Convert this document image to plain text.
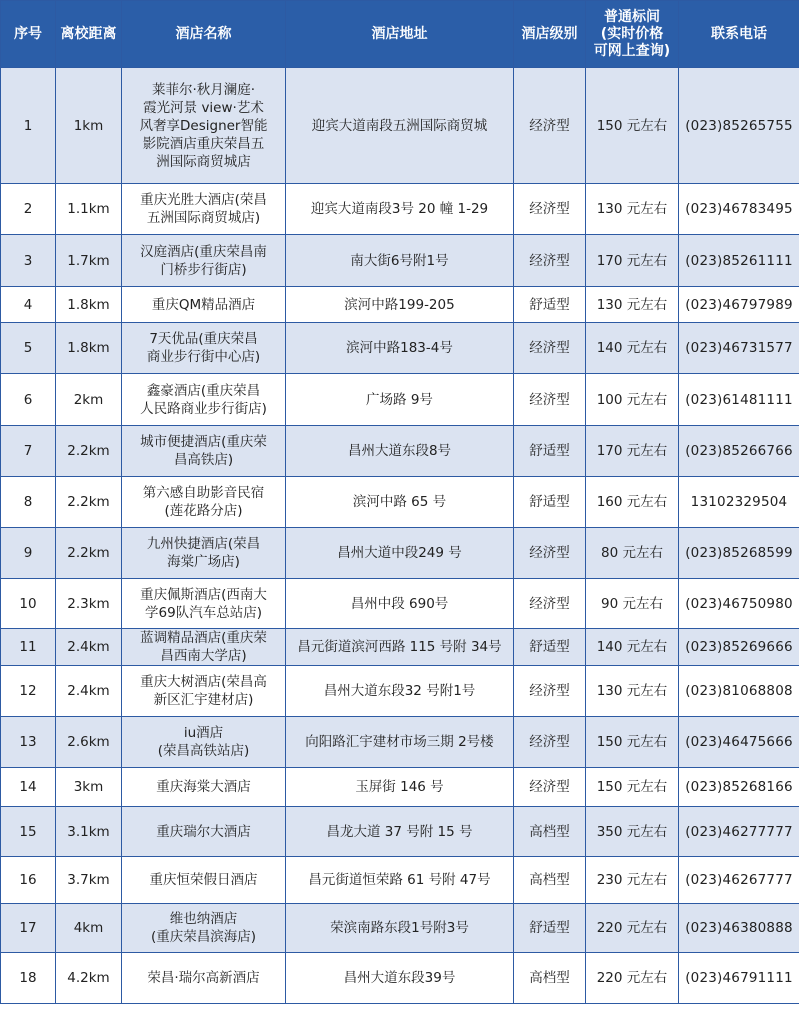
序号	离校距离	酒店名称	酒店地址	酒店级别	普通标间
(实时价格
可网上查询)	联系电话
1	1km	莱菲尔·秋月澜庭·
霞光河景 view·艺术
风奢享Designer智能
影院酒店重庆荣昌五
洲国际商贸城店	迎宾大道南段五洲国际商贸城	经济型	150 元左右	(023)85265755
2	1.1km	重庆光胜大酒店(荣昌
五洲国际商贸城店)	迎宾大道南段3号 20 幢 1-29	经济型	130 元左右	(023)46783495
3	1.7km	汉庭酒店(重庆荣昌南
门桥步行街店)	南大街6号附1号	经济型	170 元左右	(023)85261111
4	1.8km	重庆QM精品酒店	滨河中路199-205	舒适型	130 元左右	(023)46797989
5	1.8km	7天优品(重庆荣昌
商业步行街中心店)	滨河中路183-4号	经济型	140 元左右	(023)46731577
6	2km	鑫豪酒店(重庆荣昌
人民路商业步行街店)	广场路 9号	经济型	100 元左右	(023)61481111
7	2.2km	城市便捷酒店(重庆荣
昌高铁店)	昌州大道东段8号	舒适型	170 元左右	(023)85266766
8	2.2km	第六感自助影音民宿
(莲花路分店)	滨河中路 65 号	舒适型	160 元左右	13102329504
9	2.2km	九州快捷酒店(荣昌
海棠广场店)	昌州大道中段249 号	经济型	80 元左右	(023)85268599
10	2.3km	重庆佩斯酒店(西南大
学69队汽车总站店)	昌州中段 690号	经济型	90 元左右	(023)46750980
11	2.4km	蓝调精品酒店(重庆荣
昌西南大学店)	昌元街道滨河西路 115 号附 34号	舒适型	140 元左右	(023)85269666
12	2.4km	重庆大树酒店(荣昌高
新区汇宇建材店)	昌州大道东段32 号附1号	经济型	130 元左右	(023)81068808
13	2.6km	iu酒店
(荣昌高铁站店)	向阳路汇宇建材市场三期 2号楼	经济型	150 元左右	(023)46475666
14	3km	重庆海棠大酒店	玉屏街 146 号	经济型	150 元左右	(023)85268166
15	3.1km	重庆瑞尔大酒店	昌龙大道 37 号附 15 号	高档型	350 元左右	(023)46277777
16	3.7km	重庆恒荣假日酒店	昌元街道恒荣路 61 号附 47号	高档型	230 元左右	(023)46267777
17	4km	维也纳酒店
(重庆荣昌滨海店)	荣滨南路东段1号附3号	舒适型	220 元左右	(023)46380888
18	4.2km	荣昌·瑞尔高新酒店	昌州大道东段39号	高档型	220 元左右	(023)46791111
